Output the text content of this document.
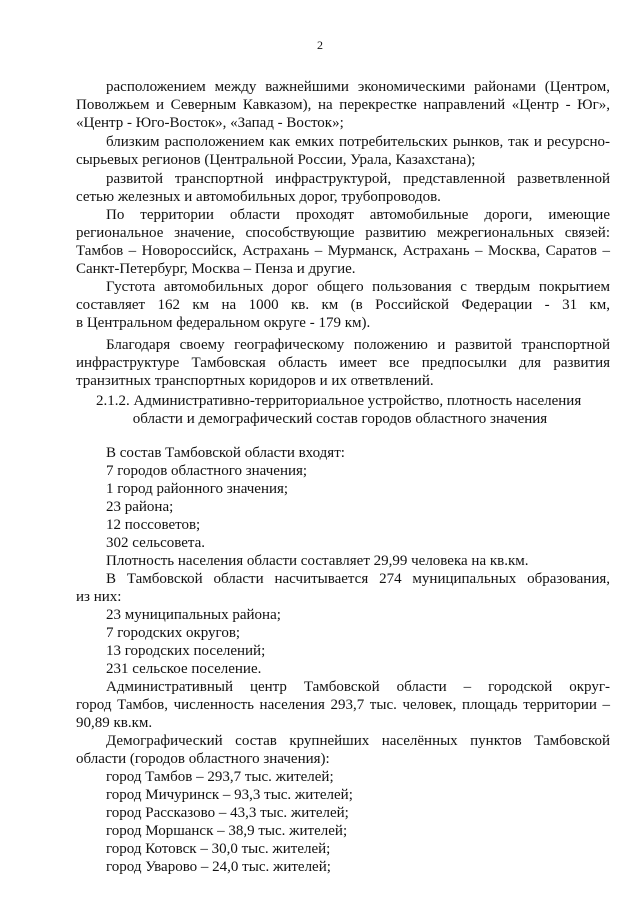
2
расположением между важнейшими экономическими районами (Центром,
Поволжьем и Северным Кавказом), на перекрестке направлений «Центр - Юг»,
«Центр - Юго-Восток», «Запад - Восток»;
близким расположением как емких потребительских рынков, так и ресурсно-
сырьевых регионов (Центральной России, Урала, Казахстана);
развитой транспортной инфраструктурой, представленной разветвленной
сетью железных и автомобильных дорог, трубопроводов.
По территории области проходят автомобильные дороги, имеющие
региональное значение, способствующие развитию межрегиональных связей:
Тамбов – Новороссийск, Астрахань – Мурманск, Астрахань – Москва, Саратов –
Санкт-Петербург, Москва – Пенза и другие.
Густота автомобильных дорог общего пользования с твердым покрытием
составляет 162 км на 1000 кв. км (в Российской Федерации - 31 км,
в Центральном федеральном округе - 179 км).
Благодаря своему географическому положению и развитой транспортной
инфраструктуре Тамбовская область имеет все предпосылки для развития
транзитных транспортных коридоров и их ответвлений.
2.1.2. Административно-территориальное устройство, плотность населения
области и демографический состав городов областного значения
В состав Тамбовской области входят:
7 городов областного значения;
1 город районного значения;
23 района;
12 поссоветов;
302 сельсовета.
Плотность населения области составляет 29,99 человека на кв.км.
В Тамбовской области насчитывается 274 муниципальных образования,
из них:
23 муниципальных района;
7 городских округов;
13 городских поселений;
231 сельское поселение.
Административный центр Тамбовской области – городской округ-
город Тамбов, численность населения 293,7 тыс. человек, площадь территории –
90,89 кв.км.
Демографический состав крупнейших населённых пунктов Тамбовской
области (городов областного значения):
город Тамбов – 293,7 тыс. жителей;
город Мичуринск – 93,3 тыс. жителей;
город Рассказово – 43,3 тыс. жителей;
город Моршанск – 38,9 тыс. жителей;
город Котовск – 30,0 тыс. жителей;
город Уварово – 24,0 тыс. жителей;
